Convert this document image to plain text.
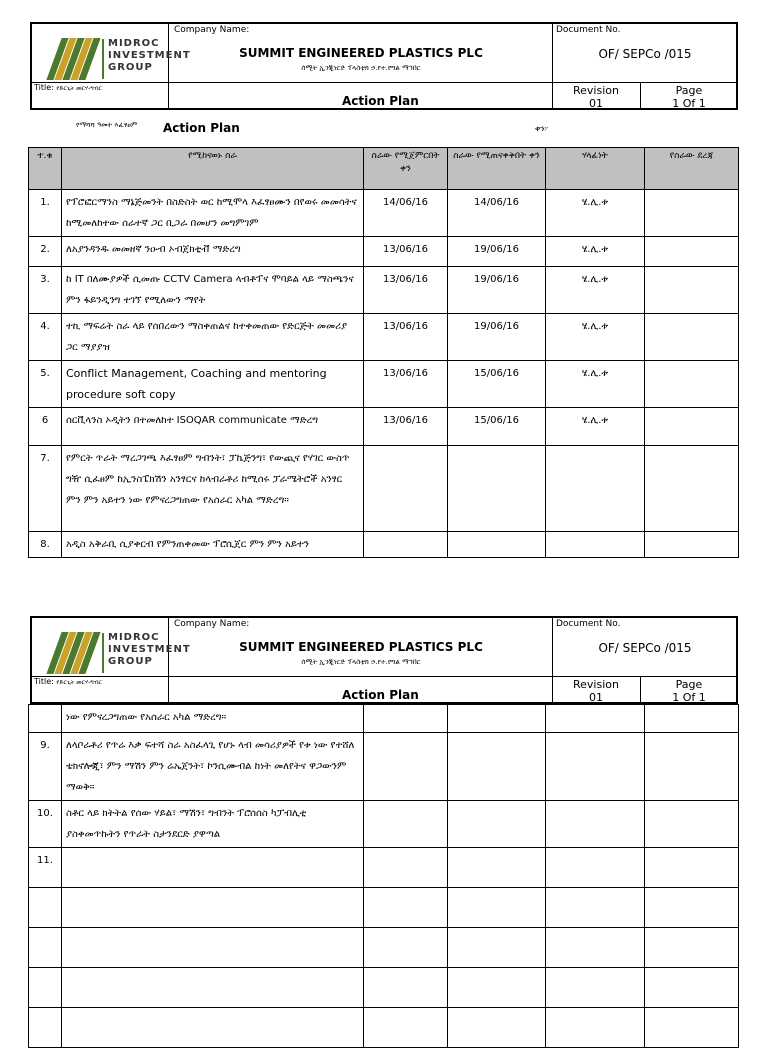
MIDROC
INVESTMENT
GROUP
Company Name:
SUMMIT ENGINEERED PLASTICS PLC
ሰሚት ኢንጂነርድ ፕላስቲክ ኃ.የተ.የግል ማኅበር
Document No.
OF/ SEPCo /015
Title: የድርጊት መርሃ-ግብር
Action Plan
Revision
01
Page
1 Of 1
የማሻሻ ዓመት እፈፃፀም Action Plan	ቀን፦
ተ.ቁ	የሚከናወኑ ስራ	ስራው የሚጀምርበት ቀን	ስራው የሚጠናቀቅበት ቀን	ሃላፊነት	የስራው ደረጃ
1.	የፕሮፎርማንስ ማኔጅመንት በስድስት ወር ከሚሞላ እፈፃፀሙን በየወሩ መመሳትና ከሚመለከተው ሰራተኛ ጋር ቢጋራ በመሆን መግምገም	14/06/16	14/06/16	ሄ.ሊ.ቱ	
2.	ለአያንዳንዱ መመዘኛ ንዑብ ኦብጀክቲቭ ማድረግ	13/06/16	19/06/16	ሄ.ሊ.ቱ	
3.	ከ IT በለሙያዎች ሲመጡ CCTV Camera ላብቶፕና ሞባይል ላይ ማስጫንና ምን ፋይንዲንግ ተገኘ የሚለውን ማየት	13/06/16	19/06/16	ሄ.ሊ.ቱ	
4.	ተኪ ማፍሬት ስራ ላይ የሰበረውን ማስቀጠልና ከተቀመጠው የድርጅት መመሪያ ጋር ማያያዝ	13/06/16	19/06/16	ሄ.ሊ.ቱ	
5.	Conflict Management, Coaching and mentoring procedure soft copy	13/06/16	15/06/16	ሄ.ሊ.ቱ	
6	ሰርቪላንስ ኦዲትን በተመለከተ ISOQAR communicate ማድረግ	13/06/16	15/06/16	ሄ.ሊ.ቱ	
7.	የምርት ጥራት ማረጋገጫ እፈፃፀም ግብንት፣ ፓኬጅንግ፣ የውጪና የሃገር ውስጥ ግዥ ሲፈፀም ከኢንስፔክሽን አንፃርና ከላብራቶሪ ከሚሰሩ ፓራሜትሮች አንፃር ምን ምን አይተን ነው የምናረጋግጠው የአሰራር አካል ማድረግ።				
8.	አዲስ አቅራቢ ሲያቀርብ የምንጠቀመው ፕሮሲጀር ምን ምን አይተን				
MIDROC
INVESTMENT
GROUP
Company Name:
SUMMIT ENGINEERED PLASTICS PLC
ሰሚት ኢንጂነርድ ፕላስቲክ ኃ.የተ.የግል ማኅበር
Document No.
OF/ SEPCo /015
Title: የድርጊት መርሃ-ግብር
Action Plan
Revision
01
Page
1 Of 1
	ነው የምናረጋግጠው የአሰራር አካል ማድረግ።				
9.	ለላቦራቶሪ የጥሬ እቃ ፍተሻ ስራ አስፈላጊ የሆኑ ላብ መሳሪያዎች የቱ ነው የተሸለ ቴክኖሎጂ፣ ምን ማሽን ምን ሬኤጀንት፣ ኮንሲሙብል ከነት መለየትና ዋጋውንም ማወቅ።				
10.	ስቶር ላይ ክትትል የሰው ሃይል፣ ማሽን፣ ግብንት ፕሮሰሰስ ካፓብሊቲ ያስቀመጥኩትን የጥራት ስታንደርድ ያዋጣል				
11.					
